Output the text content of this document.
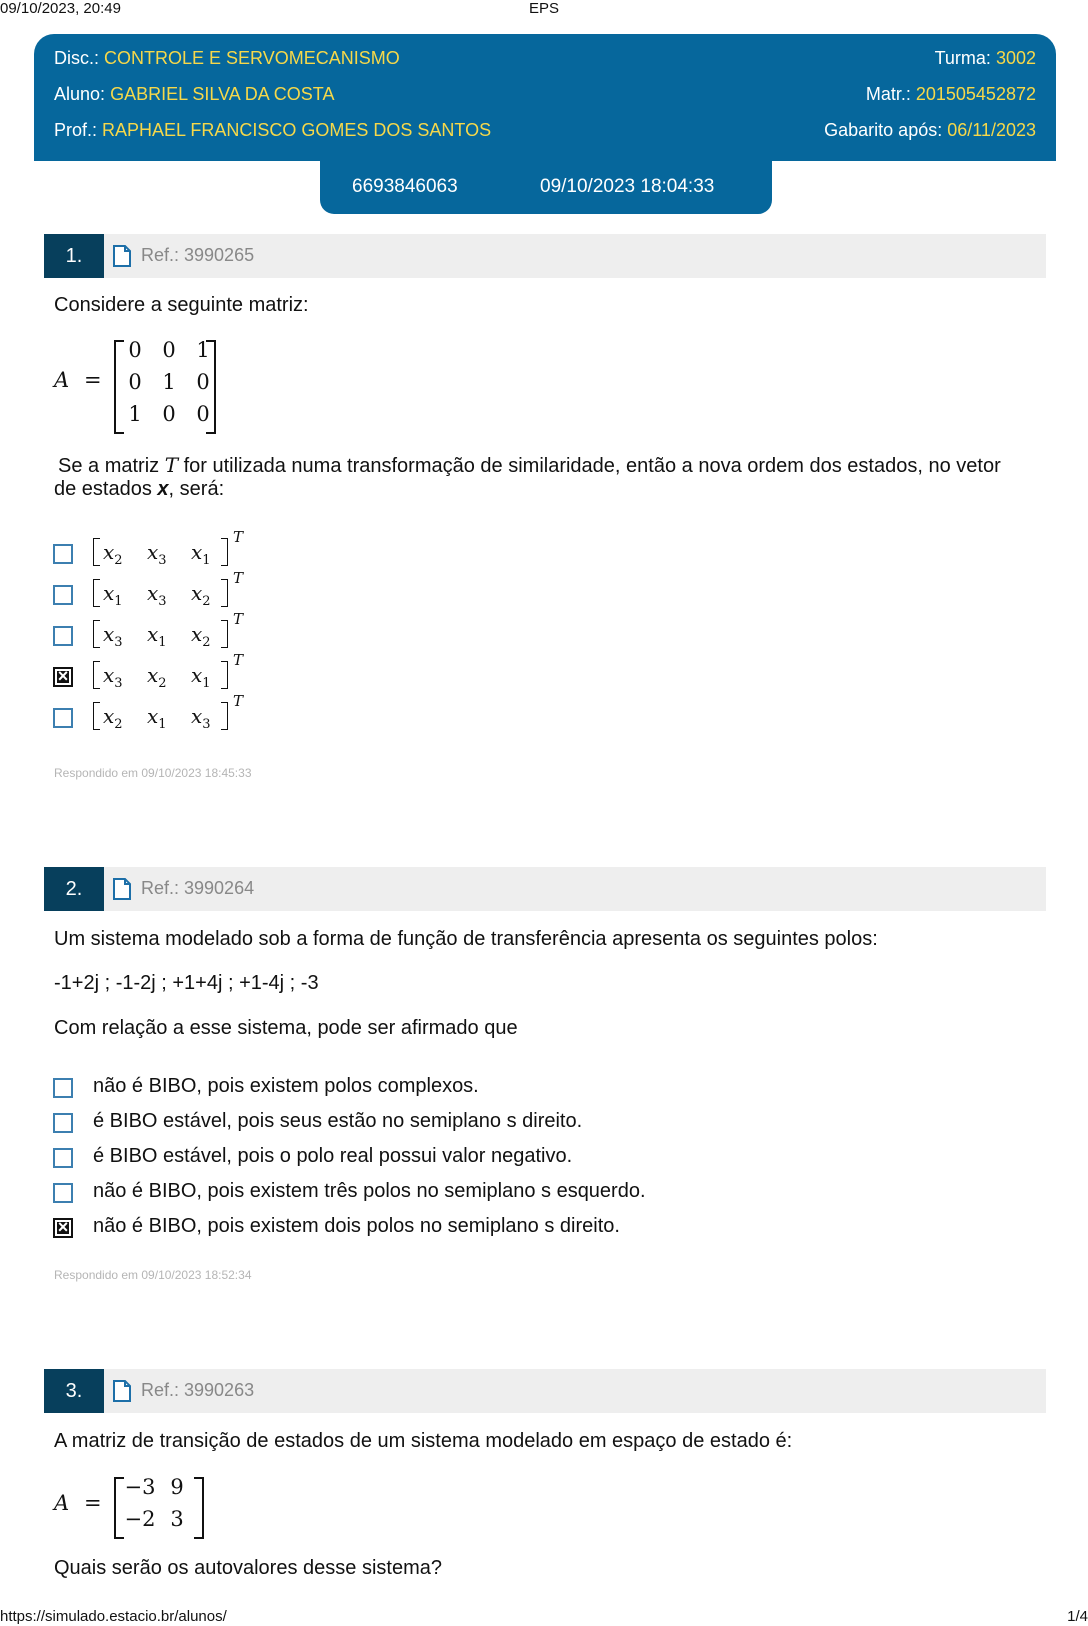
09/10/2023, 20:49	EPS
Disc.: CONTROLE E SERVOMECANISMO	Turma: 3002
Aluno: GABRIEL SILVA DA COSTA	Matr.: 201505452872
Prof.: RAPHAEL FRANCISCO GOMES DOS SANTOS	Gabarito após: 06/11/2023
6693846063	09/10/2023 18:04:33
1.	Ref.: 3990265
Considere a seguinte matriz:
A =
0 0 1
0 1 0
1 0 0
Se a matriz T for utilizada numa transformação de similaridade, então a nova ordem dos estados, no vetor
de estados x, será:
$x_2$ $x_3$ $x_1$
T
$x_1$ $x_3$ $x_2$
T
$x_3$ $x_1$ $x_2$
T
×
$x_3$ $x_2$ $x_1$
T
$x_2$ $x_1$ $x_3$
T
Respondido em 09/10/2023 18:45:33
2.	Ref.: 3990264
Um sistema modelado sob a forma de função de transferência apresenta os seguintes polos:
-1+2j ; -1-2j ; +1+4j ; +1-4j ; -3
Com relação a esse sistema, pode ser afirmado que
não é BIBO, pois existem polos complexos.
é BIBO estável, pois seus estão no semiplano s direito.
é BIBO estável, pois o polo real possui valor negativo.
não é BIBO, pois existem três polos no semiplano s esquerdo.
×
não é BIBO, pois existem dois polos no semiplano s direito.
Respondido em 09/10/2023 18:52:34
3.	Ref.: 3990263
A matriz de transição de estados de um sistema modelado em espaço de estado é:
A =
−3 9
−2 3
Quais serão os autovalores desse sistema?
https://simulado.estacio.br/alunos/	1/4
